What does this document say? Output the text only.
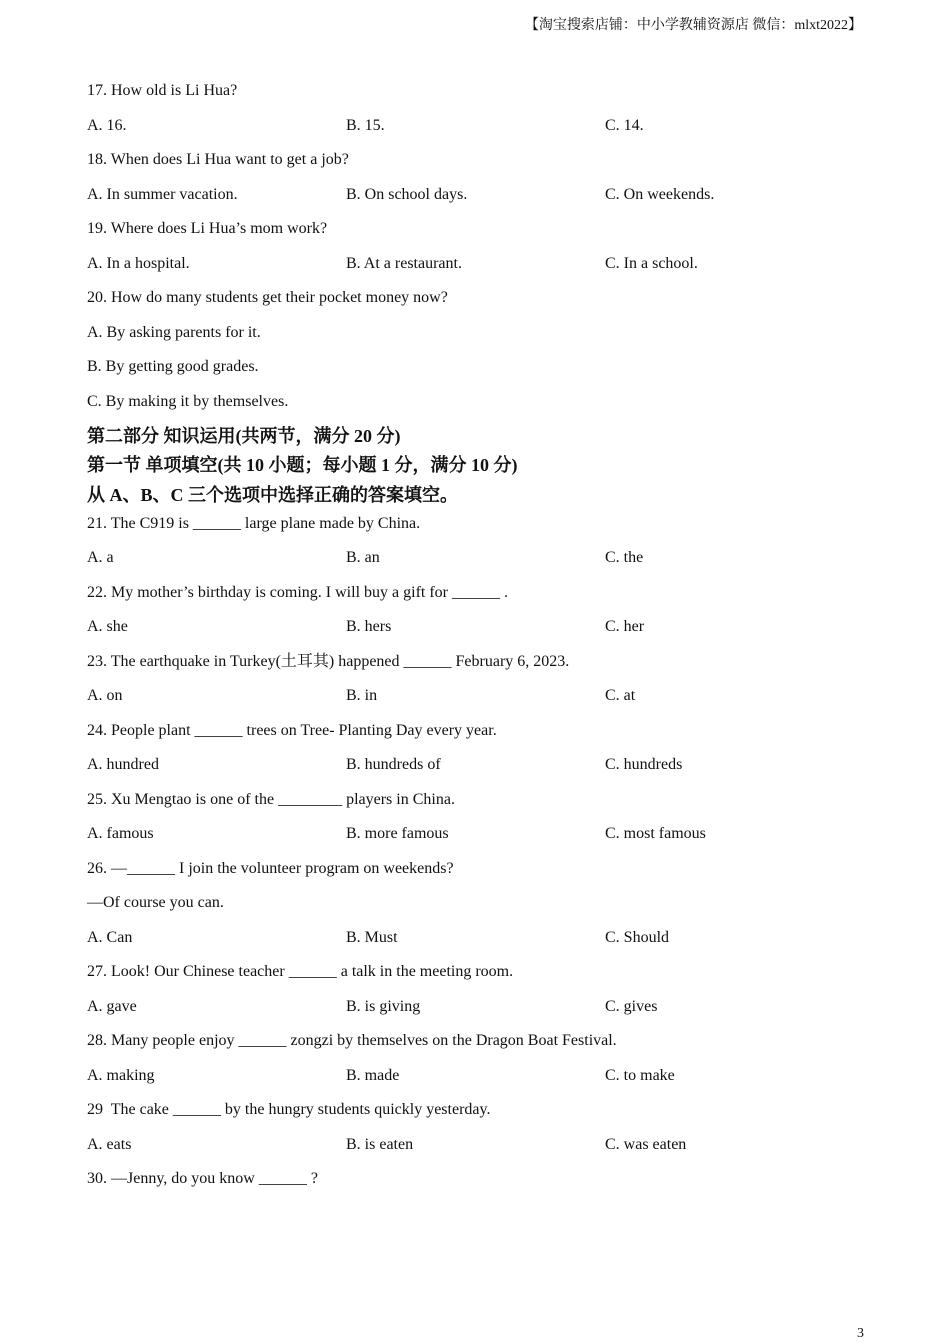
【淘宝搜索店铺：中小学教辅资源店 微信：mlxt2022】
17. How old is Li Hua?
A. 16.	B. 15.	C. 14.
18. When does Li Hua want to get a job?
A. In summer vacation.	B. On school days.	C. On weekends.
19. Where does Li Hua’s mom work?
A. In a hospital.	B. At a restaurant.	C. In a school.
20. How do many students get their pocket money now?
A. By asking parents for it.
B. By getting good grades.
C. By making it by themselves.
第二部分 知识运用(共两节，满分 20 分)
第一节 单项填空(共 10 小题；每小题 1 分，满分 10 分)
从 A、B、C 三个选项中选择正确的答案填空。
21. The C919 is ______ large plane made by China.
A. a	B. an	C. the
22. My mother’s birthday is coming. I will buy a gift for ______ .
A. she	B. hers	C. her
23. The earthquake in Turkey(土耳其) happened ______ February 6, 2023.
A. on	B. in	C. at
24. People plant ______ trees on Tree- Planting Day every year.
A. hundred	B. hundreds of	C. hundreds
25. Xu Mengtao is one of the ________ players in China.
A. famous	B. more famous	C. most famous
26. —______ I join the volunteer program on weekends?
—Of course you can.
A. Can	B. Must	C. Should
27. Look! Our Chinese teacher ______ a talk in the meeting room.
A. gave	B. is giving	C. gives
28. Many people enjoy ______ zongzi by themselves on the Dragon Boat Festival.
A. making	B. made	C. to make
29  The cake ______ by the hungry students quickly yesterday.
A. eats	B. is eaten	C. was eaten
30. —Jenny, do you know ______ ?
3
